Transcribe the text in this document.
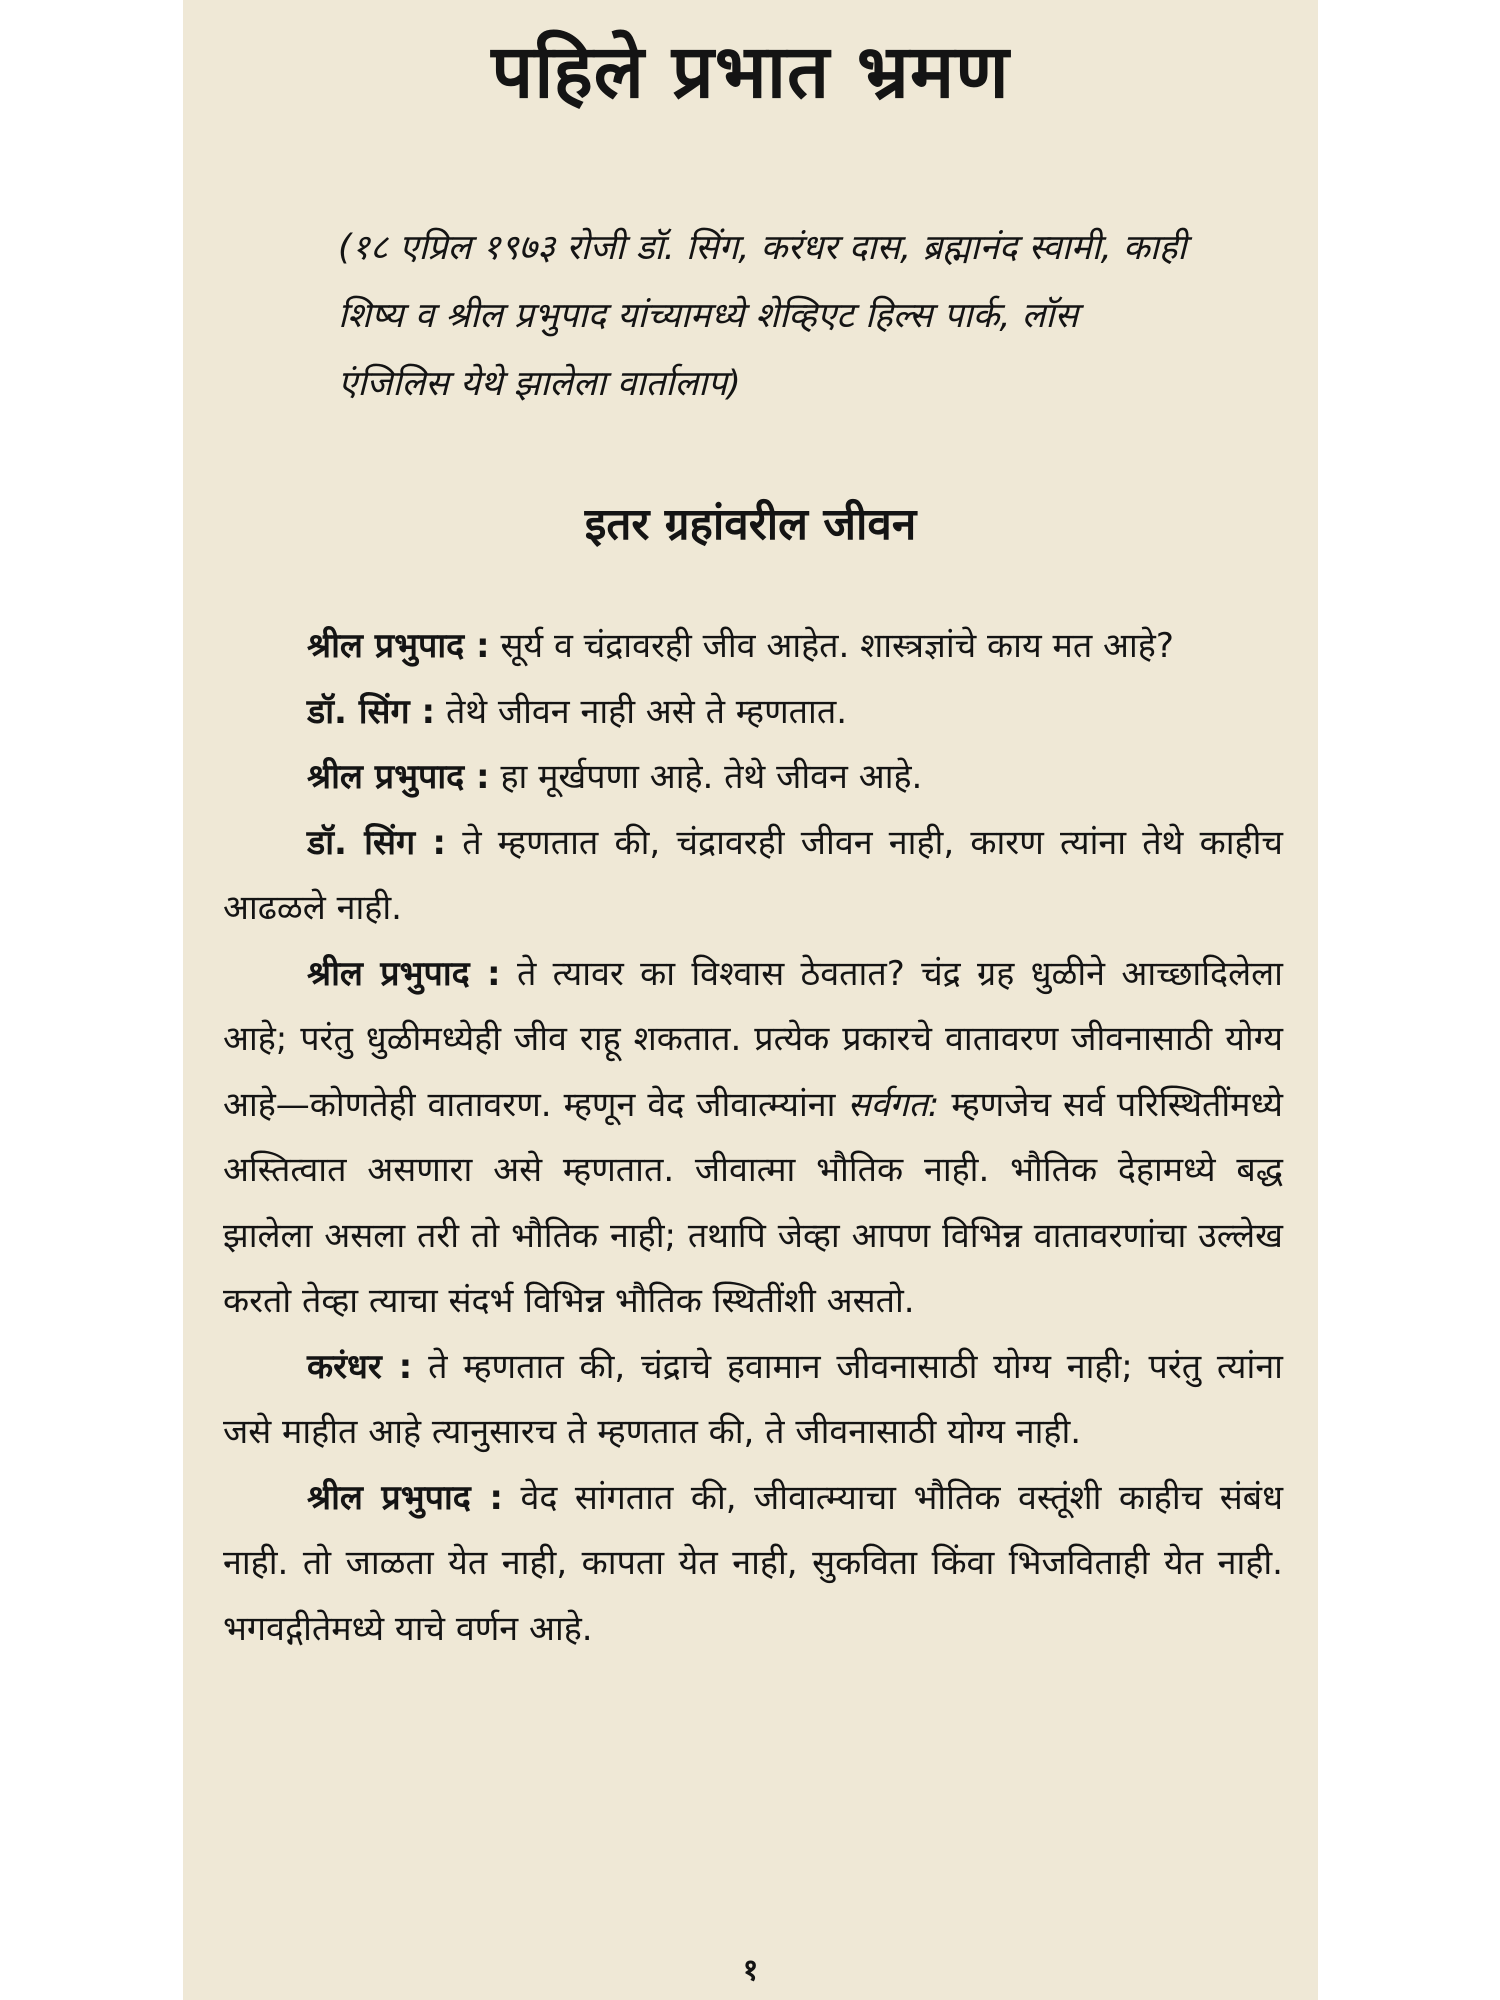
पहिले प्रभात भ्रमण
(१८ एप्रिल १९७३ रोजी डॉ. सिंग, करंधर दास, ब्रह्मानंद स्वामी, काही शिष्य व श्रील प्रभुपाद यांच्यामध्ये शेव्हिएट हिल्स पार्क, लॉस एंजिलिस येथे झालेला वार्तालाप)
इतर ग्रहांवरील जीवन

श्रील प्रभुपाद : सूर्य व चंद्रावरही जीव आहेत. शास्त्रज्ञांचे काय मत आहे?

डॉ. सिंग : तेथे जीवन नाही असे ते म्हणतात.

श्रील प्रभुपाद : हा मूर्खपणा आहे. तेथे जीवन आहे.

डॉ. सिंग : ते म्हणतात की, चंद्रावरही जीवन नाही, कारण त्यांना तेथे काहीच आढळले नाही.

श्रील प्रभुपाद : ते त्यावर का विश्वास ठेवतात? चंद्र ग्रह धुळीने आच्छादिलेला आहे; परंतु धुळीमध्येही जीव राहू शकतात. प्रत्येक प्रकारचे वातावरण जीवनासाठी योग्य आहे—कोणतेही वातावरण. म्हणून वेद जीवात्म्यांना सर्वगत: म्हणजेच सर्व परिस्थितींमध्ये अस्तित्वात असणारा असे म्हणतात. जीवात्मा भौतिक नाही. भौतिक देहामध्ये बद्ध झालेला असला तरी तो भौतिक नाही; तथापि जेव्हा आपण विभिन्न वातावरणांचा उल्लेख करतो तेव्हा त्याचा संदर्भ विभिन्न भौतिक स्थितींशी असतो.

करंधर : ते म्हणतात की, चंद्राचे हवामान जीवनासाठी योग्य नाही; परंतु त्यांना जसे माहीत आहे त्यानुसारच ते म्हणतात की, ते जीवनासाठी योग्य नाही.

श्रील प्रभुपाद : वेद सांगतात की, जीवात्म्याचा भौतिक वस्तूंशी काहीच संबंध नाही. तो जाळता येत नाही, कापता येत नाही, सुकविता किंवा भिजविताही येत नाही. भगवद्गीतेमध्ये याचे वर्णन आहे.

१
